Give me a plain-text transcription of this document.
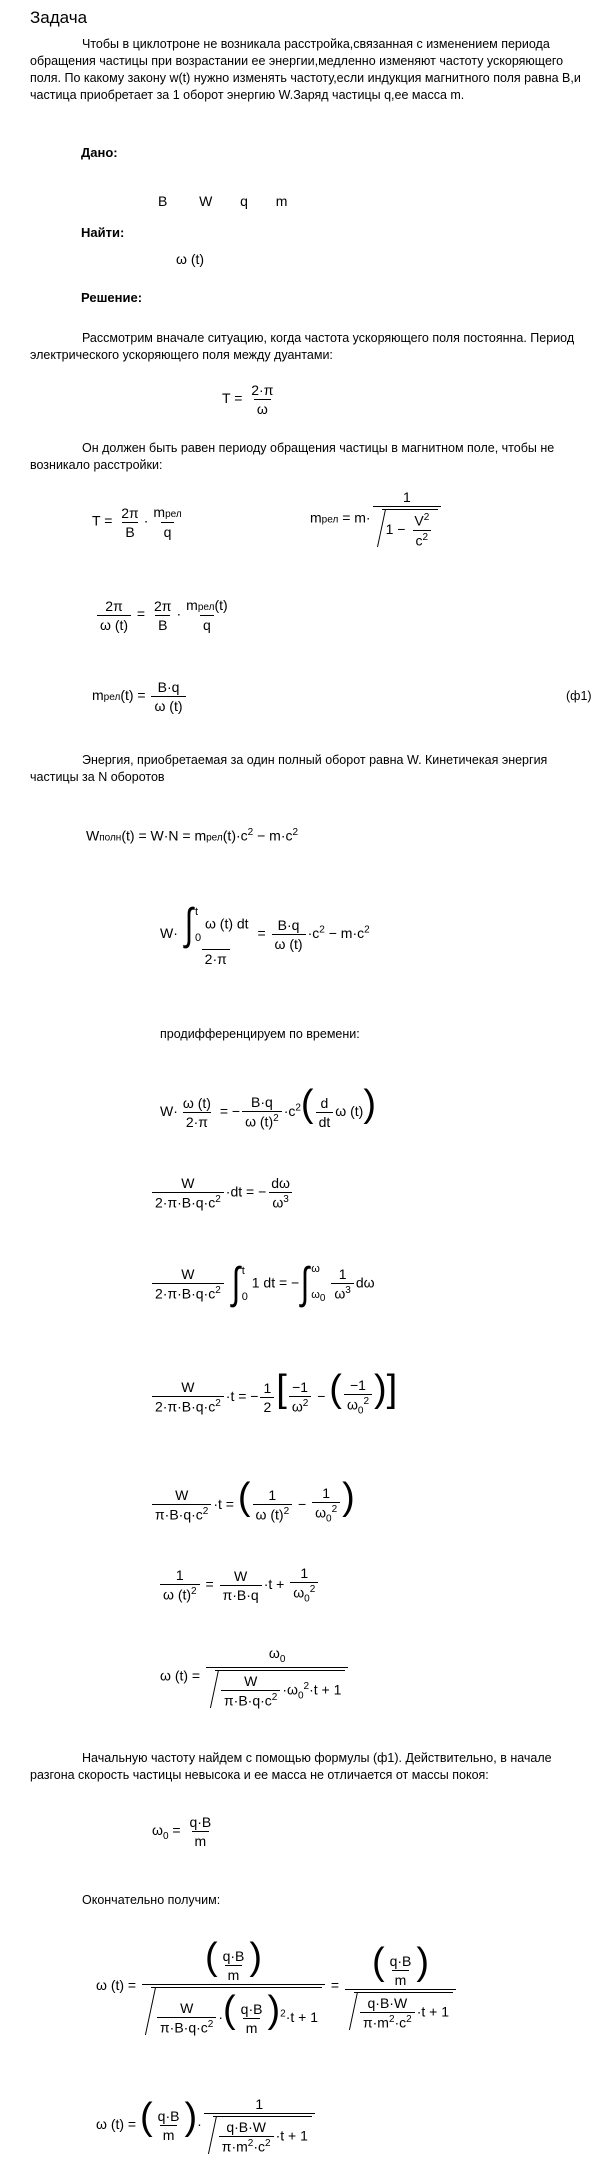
Задача
Чтобы в циклотроне не возникала расстройка,связанная с изменением периода обращения частицы при возрастании ее энергии,медленно изменяют частоту ускоряющего поля. По какому закону w(t) нужно изменять частоту,если индукция магнитного поля равна B,и частица приобретает за 1 оборот энергию W.Заряд частицы q,ее масса m.
Дано:
B W q m
Найти:
ω (t)
Решение:
Рассмотрим вначале ситуацию, когда частота ускоряющего поля постоянна. Период электрического ускоряющего поля между дуантами:
$T = \frac{2\cdot\pi}{\omega}$
Он должен быть равен периоду обращения частицы в магнитном поле, чтобы не возникало расстройки:
$T = \frac{2\pi}{B} \cdot \frac{\text{mрел}}{q}$	mрел = $m\cdot \frac{1}{1 - \frac{V^2}{c^2}}$
$\frac{2\pi}{\omega (t)} = \frac{2\pi}{B} \cdot \frac{\text{mрел(t)}}{q}$
mрел(t) = $\frac{B\cdot q}{\omega (t)}$	(ф1)
Энергия, приобретаемая за один полный оборот равна W. Кинетичекая энергия частицы за N оборотов
Wполн(t) = $W\cdot N = mрел(t)\cdot c^2 - m\cdot c^2$
W· ∫ t
0
ω (t) dt
$2\cdot\pi = \frac{B\cdot q}{\omega (t)} \cdot c^2 - m\cdot c^2$
продифференцируем по времени:
$W\cdot \frac{\omega (t)}{2\cdot\pi}$ = − $\frac{B\cdot q}{\omega (t)^2} \cdot c^2( \frac{d}{dt}$ ω (t))
$\frac{W}{2\cdot\pi\cdot B\cdot q\cdot c^2} \cdot dt$ = − $\frac{d\omega}{\omega^3}$
$\frac{W}{2\cdot\pi\cdot B\cdot q\cdot c^2}$ ∫ t
0
1 dt = −∫ ω
$\omega_0$
$\frac{1}{\omega^3}$ dω
$\frac{W}{2\cdot\pi\cdot B\cdot q\cdot c^2} \cdot t$ = − $\frac{1}{2}$ [ $\frac{-1}{\omega^2}$ − ( $\frac{-1}{\omega_0^2}$ )]
$\frac{W}{\pi\cdot B\cdot q\cdot c^2} \cdot t$ = ( $\frac{1}{\omega (t)^2} - \frac{1}{\omega_0^2}$ )
$\frac{1}{\omega (t)^2} = \frac{W}{\pi\cdot B\cdot q} \cdot t + \frac{1}{\omega_0^2}$
ω $(t) = \frac{\omega_0}{\frac{W}{\pi\cdot B\cdot q\cdot c^2} \cdot\omega_0^2\cdot t + 1}$
Начальную частоту найдем с помощью формулы (ф1). Действительно, в начале разгона скорость частицы невысока и ее масса не отличается от массы покоя:
$\omega_0 = \frac{q\cdot B}{m}$
Окончательно получим:
ω $(t) = \frac{( \frac{q\cdot B}{m} )}{\frac{W}{\pi\cdot B\cdot q\cdot c^2} \cdot( \frac{q\cdot B}{m} )^2\cdot t + 1} = \frac{( \frac{q\cdot B}{m} )}{\frac{q\cdot B\cdot W}{\pi\cdot m^2\cdot c^2} \cdot t + 1}$
ω (t) = ( $\frac{q\cdot B}{m}$ )· $\frac{1}{\frac{q\cdot B\cdot W}{\pi\cdot m^2\cdot c^2} \cdot t + 1}$
